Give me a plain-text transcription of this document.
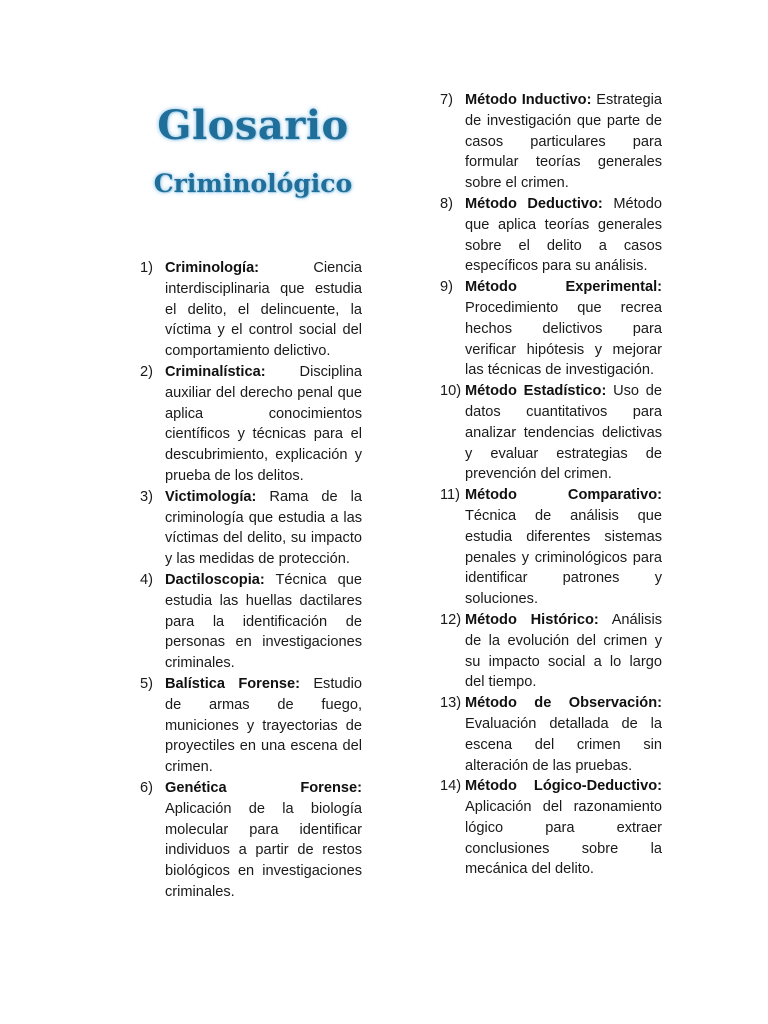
Glosario
Criminológico
1) Criminología:	Ciencia interdisciplinaria que estudia el delito, el delincuente, la víctima y el control social del comportamiento delictivo.
2) Criminalística: Disciplina auxiliar del derecho penal que aplica conocimientos científicos y técnicas para el descubrimiento, explicación y prueba de los delitos.
3) Victimología: Rama de la criminología que estudia a las víctimas del delito, su impacto y las medidas de protección.
4) Dactiloscopia: Técnica que estudia las huellas dactilares para la identificación de personas en investigaciones criminales.
5) Balística Forense: Estudio de armas de fuego, municiones y trayectorias de proyectiles en una escena del crimen.
6) Genética Forense: Aplicación de la biología molecular para identificar individuos a partir de restos biológicos en investigaciones criminales.
7) Método Inductivo: Estrategia de investigación que parte de casos particulares para formular teorías generales sobre el crimen.
8) Método Deductivo: Método que aplica teorías generales sobre el delito a casos específicos para su análisis.
9) Método Experimental: Procedimiento que recrea hechos delictivos para verificar hipótesis y mejorar las técnicas de investigación.
10) Método Estadístico: Uso de datos cuantitativos para analizar tendencias delictivas y evaluar estrategias de prevención del crimen.
11) Método Comparativo: Técnica de análisis que estudia diferentes sistemas penales y criminológicos para identificar patrones y soluciones.
12) Método Histórico: Análisis de la evolución del crimen y su impacto social a lo largo del tiempo.
13) Método de Observación: Evaluación detallada de la escena del crimen sin alteración de las pruebas.
14) Método Lógico-Deductivo: Aplicación del razonamiento lógico para extraer conclusiones sobre la mecánica del delito.
